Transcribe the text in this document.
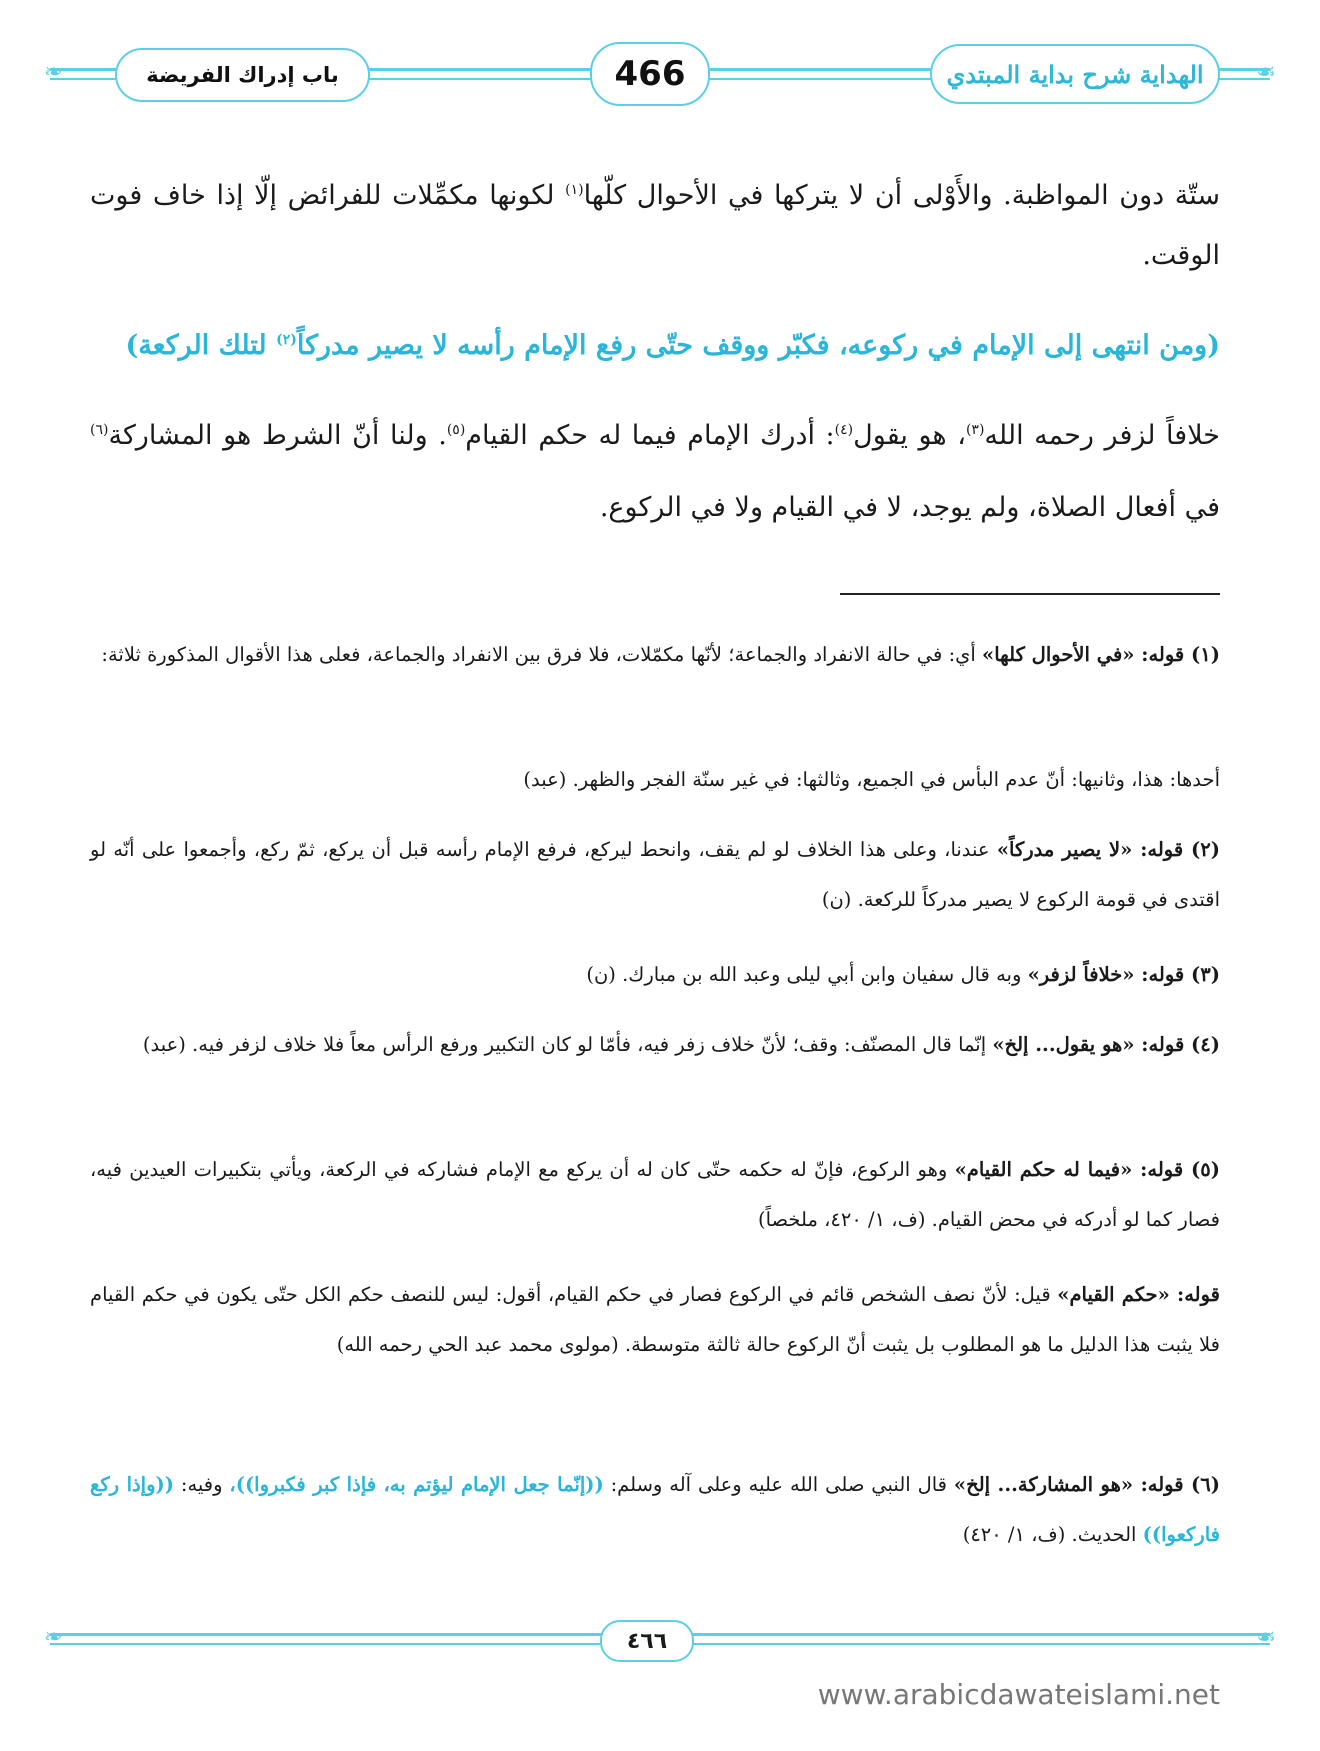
❧	☙
باب إدراك الفريضة	466	الهداية شرح بداية المبتدي
ستّة دون المواظبة. والأَوْلى أن لا يتركها في الأحوال كلّها$^{(١)}$ لكونها مكمِّلات للفرائض إلّا إذا خاف فوت الوقت.
(ومن انتهى إلى الإمام في ركوعه، فكبّر ووقف حتّى رفع الإمام رأسه لا يصير مدركاً$^{(٢)}$ لتلك الركعة)
خلافاً لزفر رحمه الله$^{(٣)}$، هو يقول$^{(٤)}$: أدرك الإمام فيما له حكم القيام$^{(٥)}$. ولنا أنّ الشرط هو المشاركة$^{(٦)}$ في أفعال الصلاة، ولم يوجد، لا في القيام ولا في الركوع.

(١) قوله: «في الأحوال كلها» أي: في حالة الانفراد والجماعة؛ لأنّها مكمّلات، فلا فرق بين الانفراد والجماعة، فعلى هذا الأقوال المذكورة ثلاثة:

أحدها: هذا، وثانيها: أنّ عدم البأس في الجميع، وثالثها: في غير سنّة الفجر والظهر. (عبد)

(٢) قوله: «لا يصير مدركاً» عندنا، وعلى هذا الخلاف لو لم يقف، وانحط ليركع، فرفع الإمام رأسه قبل أن يركع، ثمّ ركع، وأجمعوا على أنّه لو اقتدى في قومة الركوع لا يصير مدركاً للركعة. (ن)

(٣) قوله: «خلافاً لزفر» وبه قال سفيان وابن أبي ليلى وعبد الله بن مبارك. (ن)

(٤) قوله: «هو يقول... إلخ» إنّما قال المصنّف: وقف؛ لأنّ خلاف زفر فيه، فأمّا لو كان التكبير ورفع الرأس معاً فلا خلاف لزفر فيه. (عبد)

(٥) قوله: «فيما له حكم القيام» وهو الركوع، فإنّ له حكمه حتّى كان له أن يركع مع الإمام فشاركه في الركعة، ويأتي بتكبيرات العيدين فيه، فصار كما لو أدركه في محض القيام. (ف، ١/ ٤٢٠، ملخصاً)

قوله: «حكم القيام» قيل: لأنّ نصف الشخص قائم في الركوع فصار في حكم القيام، أقول: ليس للنصف حكم الكل حتّى يكون في حكم القيام فلا يثبت هذا الدليل ما هو المطلوب بل يثبت أنّ الركوع حالة ثالثة متوسطة. (مولوى محمد عبد الحي رحمه الله)

(٦) قوله: «هو المشاركة... إلخ» قال النبي صلى الله عليه وعلى آله وسلم: ((إنّما جعل الإمام ليؤتم به، فإذا كبر فكبروا))، وفيه: ((وإذا ركع فاركعوا)) الحديث. (ف، ١/ ٤٢٠)

❧	☙
٤٦٦
www.arabicdawateislami.net
